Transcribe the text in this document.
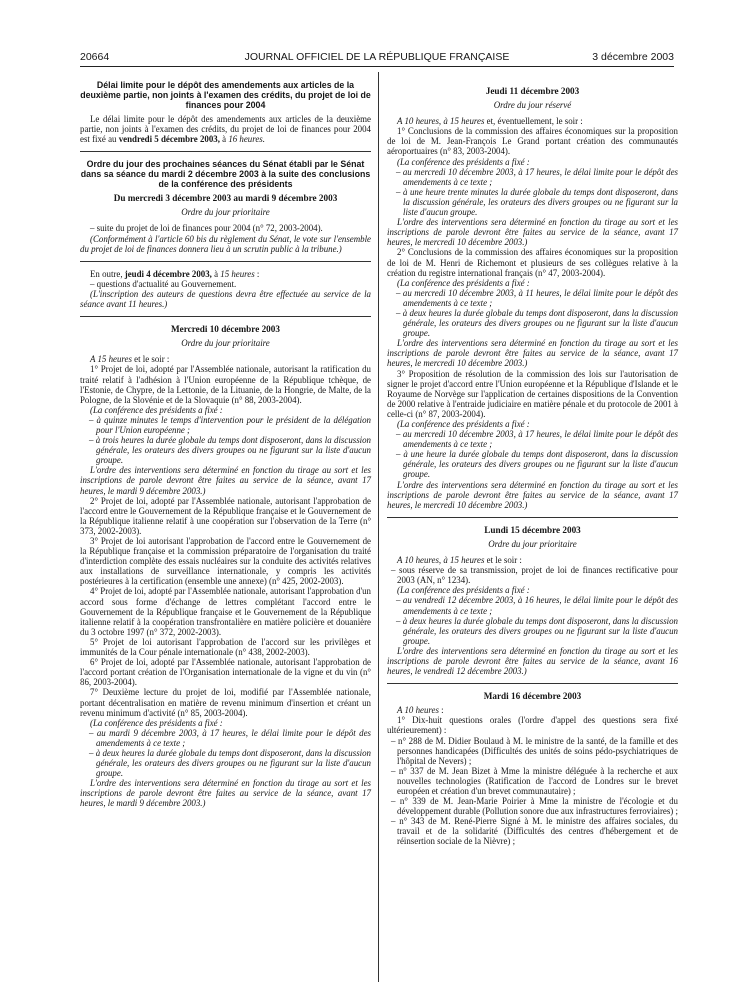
20664	JOURNAL OFFICIEL DE LA RÉPUBLIQUE FRANÇAISE	3 décembre 2003

Délai limite pour le dépôt des amendements aux articles de la deuxième partie, non joints à l'examen des crédits, du projet de loi de finances pour 2004

Le délai limite pour le dépôt des amendements aux articles de la deuxième partie, non joints à l'examen des crédits, du projet de loi de finances pour 2004 est fixé au vendredi 5 décembre 2003, à 16 heures.

Ordre du jour des prochaines séances du Sénat établi par le Sénat dans sa séance du mardi 2 décembre 2003 à la suite des conclusions de la conférence des présidents

Du mercredi 3 décembre 2003 au mardi 9 décembre 2003

Ordre du jour prioritaire

– suite du projet de loi de finances pour 2004 (n° 72, 2003-2004).

(Conformément à l'article 60 bis du règlement du Sénat, le vote sur l'ensemble du projet de loi de finances donnera lieu à un scrutin public à la tribune.)

En outre, jeudi 4 décembre 2003, à 15 heures :

– questions d'actualité au Gouvernement.

(L'inscription des auteurs de questions devra être effectuée au service de la séance avant 11 heures.)

Mercredi 10 décembre 2003

Ordre du jour prioritaire

A 15 heures et le soir :

1° Projet de loi, adopté par l'Assemblée nationale, autorisant la ratification du traité relatif à l'adhésion à l'Union européenne de la République tchèque, de l'Estonie, de Chypre, de la Lettonie, de la Lituanie, de la Hongrie, de Malte, de la Pologne, de la Slovénie et de la Slovaquie (n° 88, 2003-2004).

(La conférence des présidents a fixé :

– à quinze minutes le temps d'intervention pour le président de la délégation pour l'Union européenne ;

– à trois heures la durée globale du temps dont disposeront, dans la discussion générale, les orateurs des divers groupes ou ne figurant sur la liste d'aucun groupe.

L'ordre des interventions sera déterminé en fonction du tirage au sort et les inscriptions de parole devront être faites au service de la séance, avant 17 heures, le mardi 9 décembre 2003.)

2° Projet de loi, adopté par l'Assemblée nationale, autorisant l'approbation de l'accord entre le Gouvernement de la République française et le Gouvernement de la République italienne relatif à une coopération sur l'observation de la Terre (n° 373, 2002-2003).

3° Projet de loi autorisant l'approbation de l'accord entre le Gouvernement de la République française et la commission préparatoire de l'organisation du traité d'interdiction complète des essais nucléaires sur la conduite des activités relatives aux installations de surveillance internationale, y compris les activités postérieures à la certification (ensemble une annexe) (n° 425, 2002-2003).

4° Projet de loi, adopté par l'Assemblée nationale, autorisant l'approbation d'un accord sous forme d'échange de lettres complétant l'accord entre le Gouvernement de la République française et le Gouvernement de la République italienne relatif à la coopération transfrontalière en matière policière et douanière du 3 octobre 1997 (n° 372, 2002-2003).

5° Projet de loi autorisant l'approbation de l'accord sur les privilèges et immunités de la Cour pénale internationale (n° 438, 2002-2003).

6° Projet de loi, adopté par l'Assemblée nationale, autorisant l'approbation de l'accord portant création de l'Organisation internationale de la vigne et du vin (n° 86, 2003-2004).

7° Deuxième lecture du projet de loi, modifié par l'Assemblée nationale, portant décentralisation en matière de revenu minimum d'insertion et créant un revenu minimum d'activité (n° 85, 2003-2004).

(La conférence des présidents a fixé :

– au mardi 9 décembre 2003, à 17 heures, le délai limite pour le dépôt des amendements à ce texte ;

– à deux heures la durée globale du temps dont disposeront, dans la discussion générale, les orateurs des divers groupes ou ne figurant sur la liste d'aucun groupe.

L'ordre des interventions sera déterminé en fonction du tirage au sort et les inscriptions de parole devront être faites au service de la séance, avant 17 heures, le mardi 9 décembre 2003.)

Jeudi 11 décembre 2003

Ordre du jour réservé

A 10 heures, à 15 heures et, éventuellement, le soir :

1° Conclusions de la commission des affaires économiques sur la proposition de loi de M. Jean-François Le Grand portant création des communautés aéroportuaires (n° 83, 2003-2004).

(La conférence des présidents a fixé :

– au mercredi 10 décembre 2003, à 17 heures, le délai limite pour le dépôt des amendements à ce texte ;

– à une heure trente minutes la durée globale du temps dont disposeront, dans la discussion générale, les orateurs des divers groupes ou ne figurant sur la liste d'aucun groupe.

L'ordre des interventions sera déterminé en fonction du tirage au sort et les inscriptions de parole devront être faites au service de la séance, avant 17 heures, le mercredi 10 décembre 2003.)

2° Conclusions de la commission des affaires économiques sur la proposition de loi de M. Henri de Richemont et plusieurs de ses collègues relative à la création du registre international français (n° 47, 2003-2004).

(La conférence des présidents a fixé :

– au mercredi 10 décembre 2003, à 11 heures, le délai limite pour le dépôt des amendements à ce texte ;

– à deux heures la durée globale du temps dont disposeront, dans la discussion générale, les orateurs des divers groupes ou ne figurant sur la liste d'aucun groupe.

L'ordre des interventions sera déterminé en fonction du tirage au sort et les inscriptions de parole devront être faites au service de la séance, avant 17 heures, le mercredi 10 décembre 2003.)

3° Proposition de résolution de la commission des lois sur l'autorisation de signer le projet d'accord entre l'Union européenne et la République d'Islande et le Royaume de Norvège sur l'application de certaines dispositions de la Convention de 2000 relative à l'entraide judiciaire en matière pénale et du protocole de 2001 à celle-ci (n° 87, 2003-2004).

(La conférence des présidents a fixé :

– au mercredi 10 décembre 2003, à 17 heures, le délai limite pour le dépôt des amendements à ce texte ;

– à une heure la durée globale du temps dont disposeront, dans la discussion générale, les orateurs des divers groupes ou ne figurant sur la liste d'aucun groupe.

L'ordre des interventions sera déterminé en fonction du tirage au sort et les inscriptions de parole devront être faites au service de la séance, avant 17 heures, le mercredi 10 décembre 2003.)

Lundi 15 décembre 2003

Ordre du jour prioritaire

A 10 heures, à 15 heures et le soir :

– sous réserve de sa transmission, projet de loi de finances rectificative pour 2003 (AN, n° 1234).

(La conférence des présidents a fixé :

– au vendredi 12 décembre 2003, à 16 heures, le délai limite pour le dépôt des amendements à ce texte ;

– à deux heures la durée globale du temps dont disposeront, dans la discussion générale, les orateurs des divers groupes ou ne figurant sur la liste d'aucun groupe.

L'ordre des interventions sera déterminé en fonction du tirage au sort et les inscriptions de parole devront être faites au service de la séance, avant 16 heures, le vendredi 12 décembre 2003.)

Mardi 16 décembre 2003

A 10 heures :

1° Dix-huit questions orales (l'ordre d'appel des questions sera fixé ultérieurement) :

– n° 288 de M. Didier Boulaud à M. le ministre de la santé, de la famille et des personnes handicapées (Difficultés des unités de soins pédo-psychiatriques de l'hôpital de Nevers) ;

– n° 337 de M. Jean Bizet à Mme la ministre déléguée à la recherche et aux nouvelles technologies (Ratification de l'accord de Londres sur le brevet européen et création d'un brevet communautaire) ;

– n° 339 de M. Jean-Marie Poirier à Mme la ministre de l'écologie et du développement durable (Pollution sonore due aux infrastructures ferroviaires) ;

– n° 343 de M. René-Pierre Signé à M. le ministre des affaires sociales, du travail et de la solidarité (Difficultés des centres d'hébergement et de réinsertion sociale de la Nièvre) ;
